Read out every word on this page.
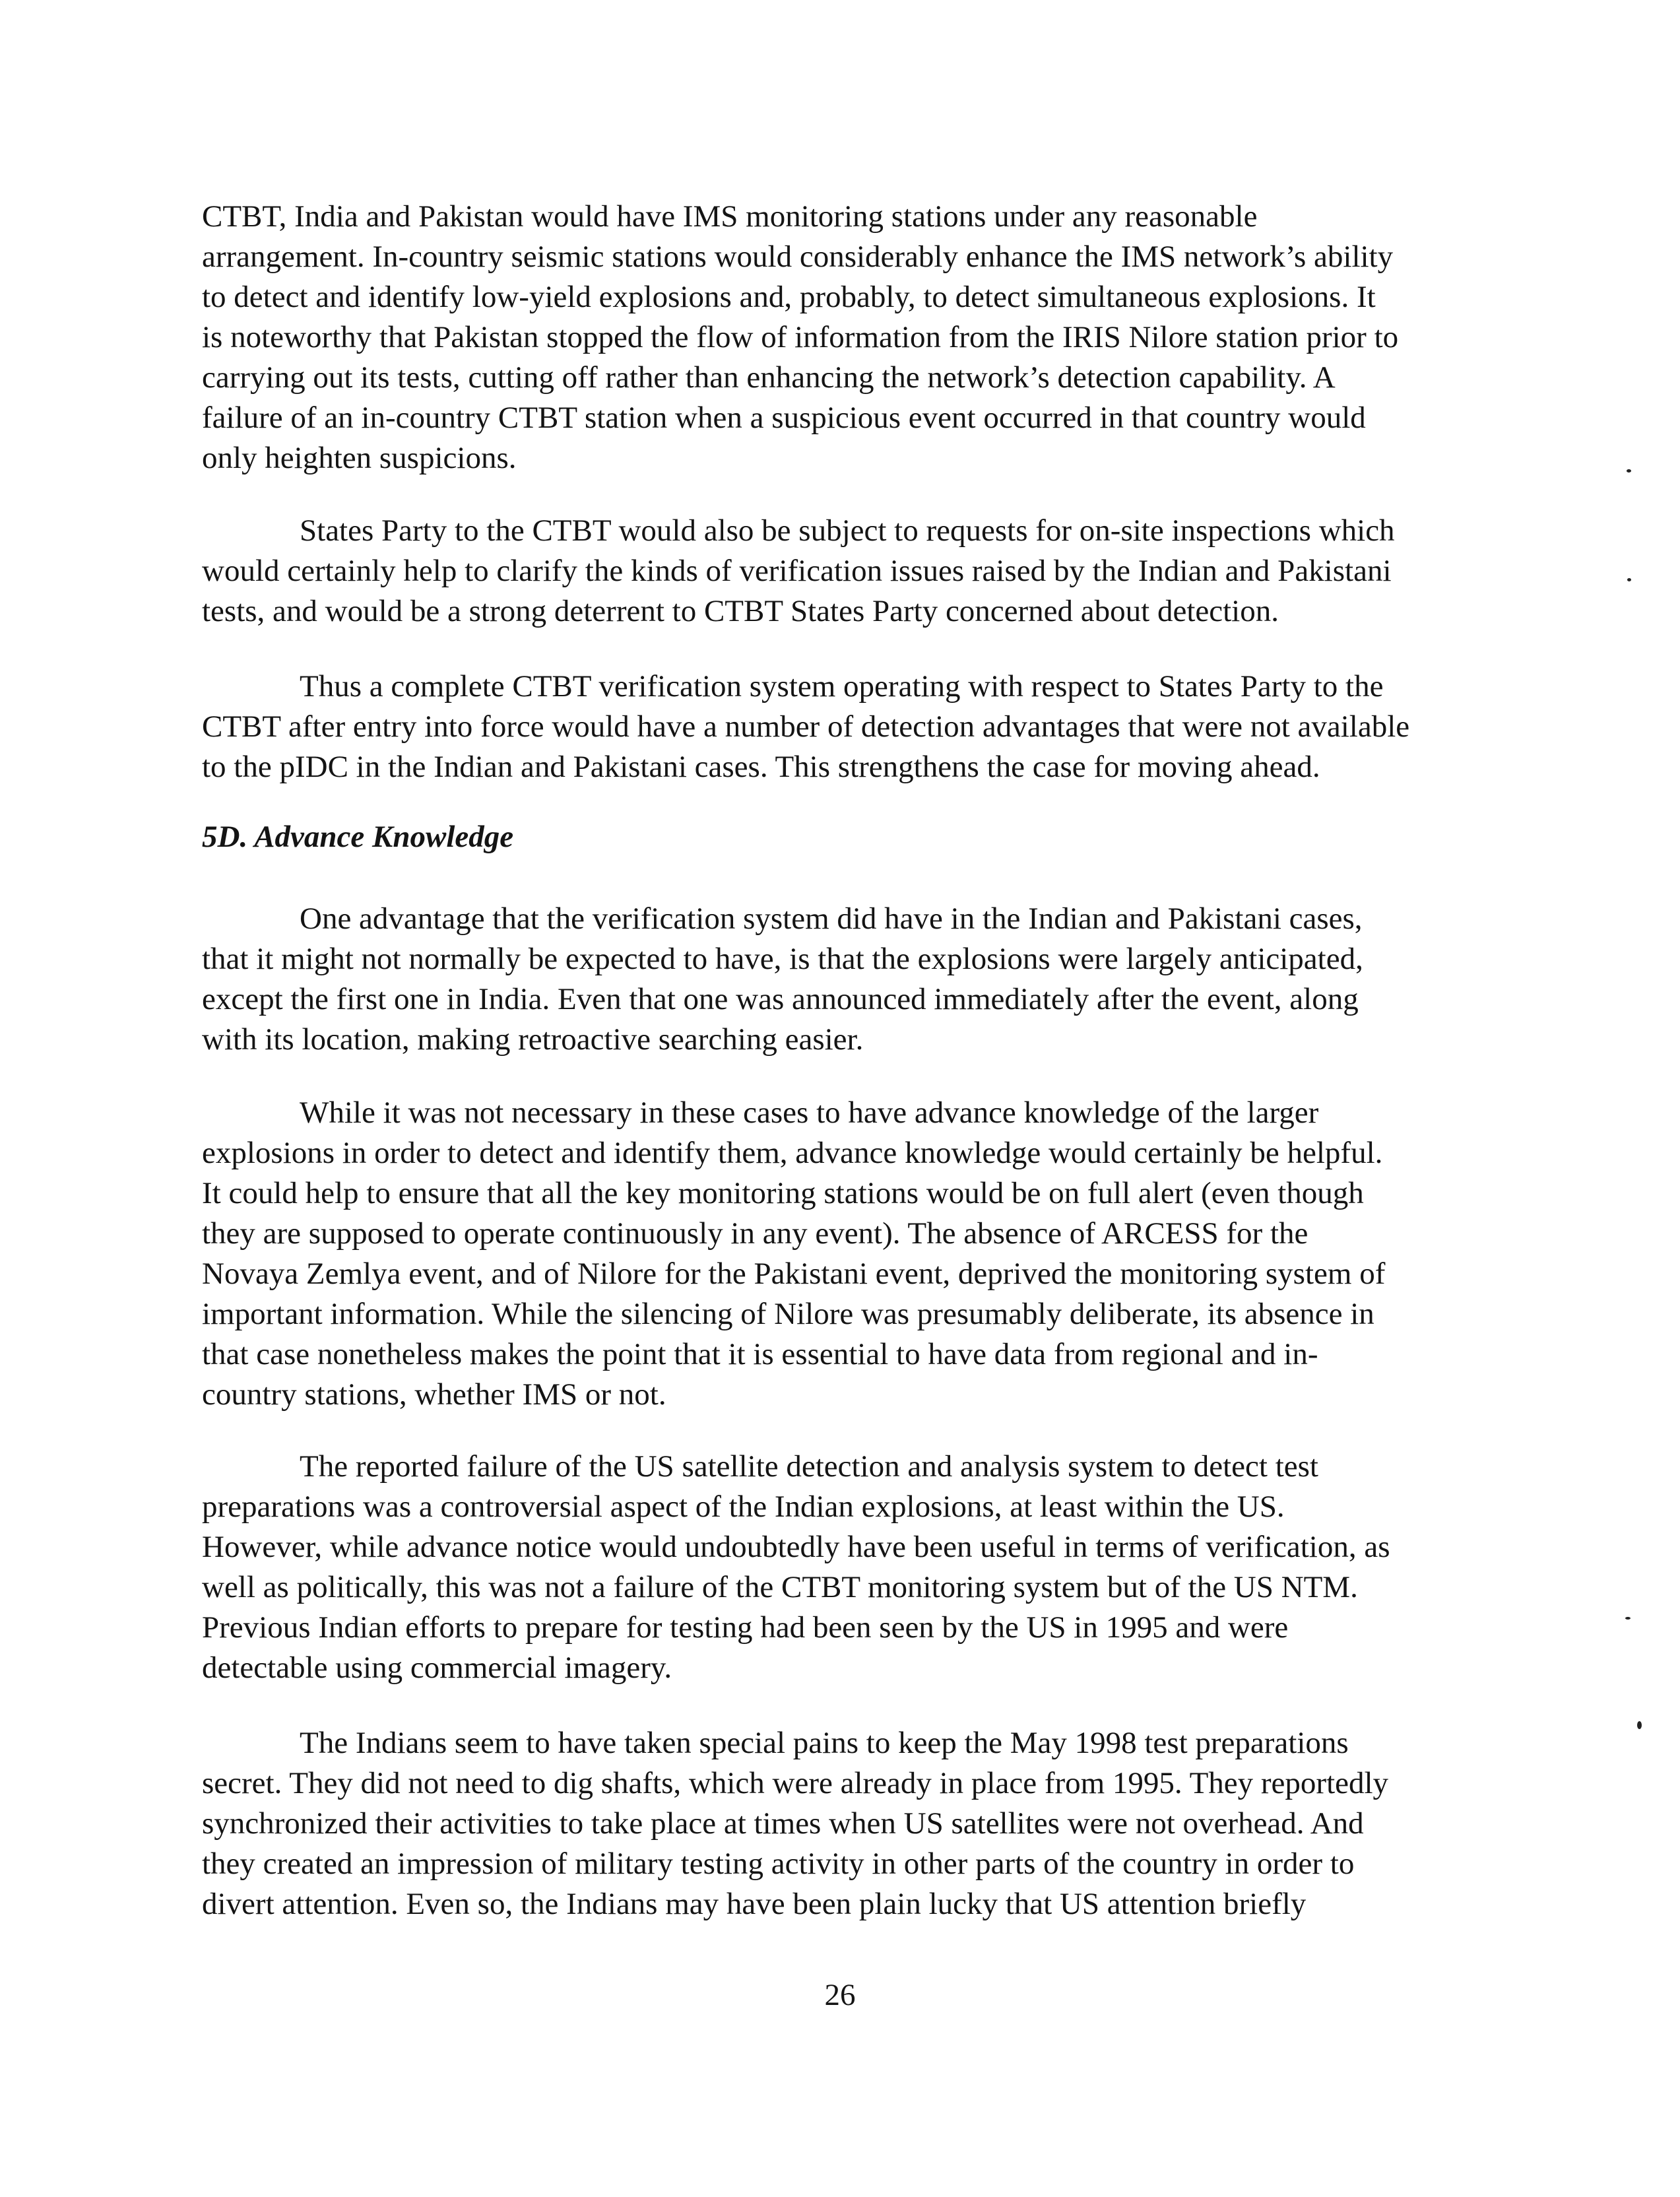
CTBT, India and Pakistan would have IMS monitoring stations under any reasonable
arrangement. In-country seismic stations would considerably enhance the IMS network’s ability
to detect and identify low-yield explosions and, probably, to detect simultaneous explosions. It
is noteworthy that Pakistan stopped the flow of information from the IRIS Nilore station prior to
carrying out its tests, cutting off rather than enhancing the network’s detection capability. A
failure of an in-country CTBT station when a suspicious event occurred in that country would
only heighten suspicions.
States Party to the CTBT would also be subject to requests for on-site inspections which
would certainly help to clarify the kinds of verification issues raised by the Indian and Pakistani
tests, and would be a strong deterrent to CTBT States Party concerned about detection.
Thus a complete CTBT verification system operating with respect to States Party to the
CTBT after entry into force would have a number of detection advantages that were not available
to the pIDC in the Indian and Pakistani cases. This strengthens the case for moving ahead.
5D. Advance Knowledge
One advantage that the verification system did have in the Indian and Pakistani cases,
that it might not normally be expected to have, is that the explosions were largely anticipated,
except the first one in India. Even that one was announced immediately after the event, along
with its location, making retroactive searching easier.
While it was not necessary in these cases to have advance knowledge of the larger
explosions in order to detect and identify them, advance knowledge would certainly be helpful.
It could help to ensure that all the key monitoring stations would be on full alert (even though
they are supposed to operate continuously in any event). The absence of ARCESS for the
Novaya Zemlya event, and of Nilore for the Pakistani event, deprived the monitoring system of
important information. While the silencing of Nilore was presumably deliberate, its absence in
that case nonetheless makes the point that it is essential to have data from regional and in-
country stations, whether IMS or not.
The reported failure of the US satellite detection and analysis system to detect test
preparations was a controversial aspect of the Indian explosions, at least within the US.
However, while advance notice would undoubtedly have been useful in terms of verification, as
well as politically, this was not a failure of the CTBT monitoring system but of the US NTM.
Previous Indian efforts to prepare for testing had been seen by the US in 1995 and were
detectable using commercial imagery.
The Indians seem to have taken special pains to keep the May 1998 test preparations
secret. They did not need to dig shafts, which were already in place from 1995. They reportedly
synchronized their activities to take place at times when US satellites were not overhead. And
they created an impression of military testing activity in other parts of the country in order to
divert attention. Even so, the Indians may have been plain lucky that US attention briefly
26
